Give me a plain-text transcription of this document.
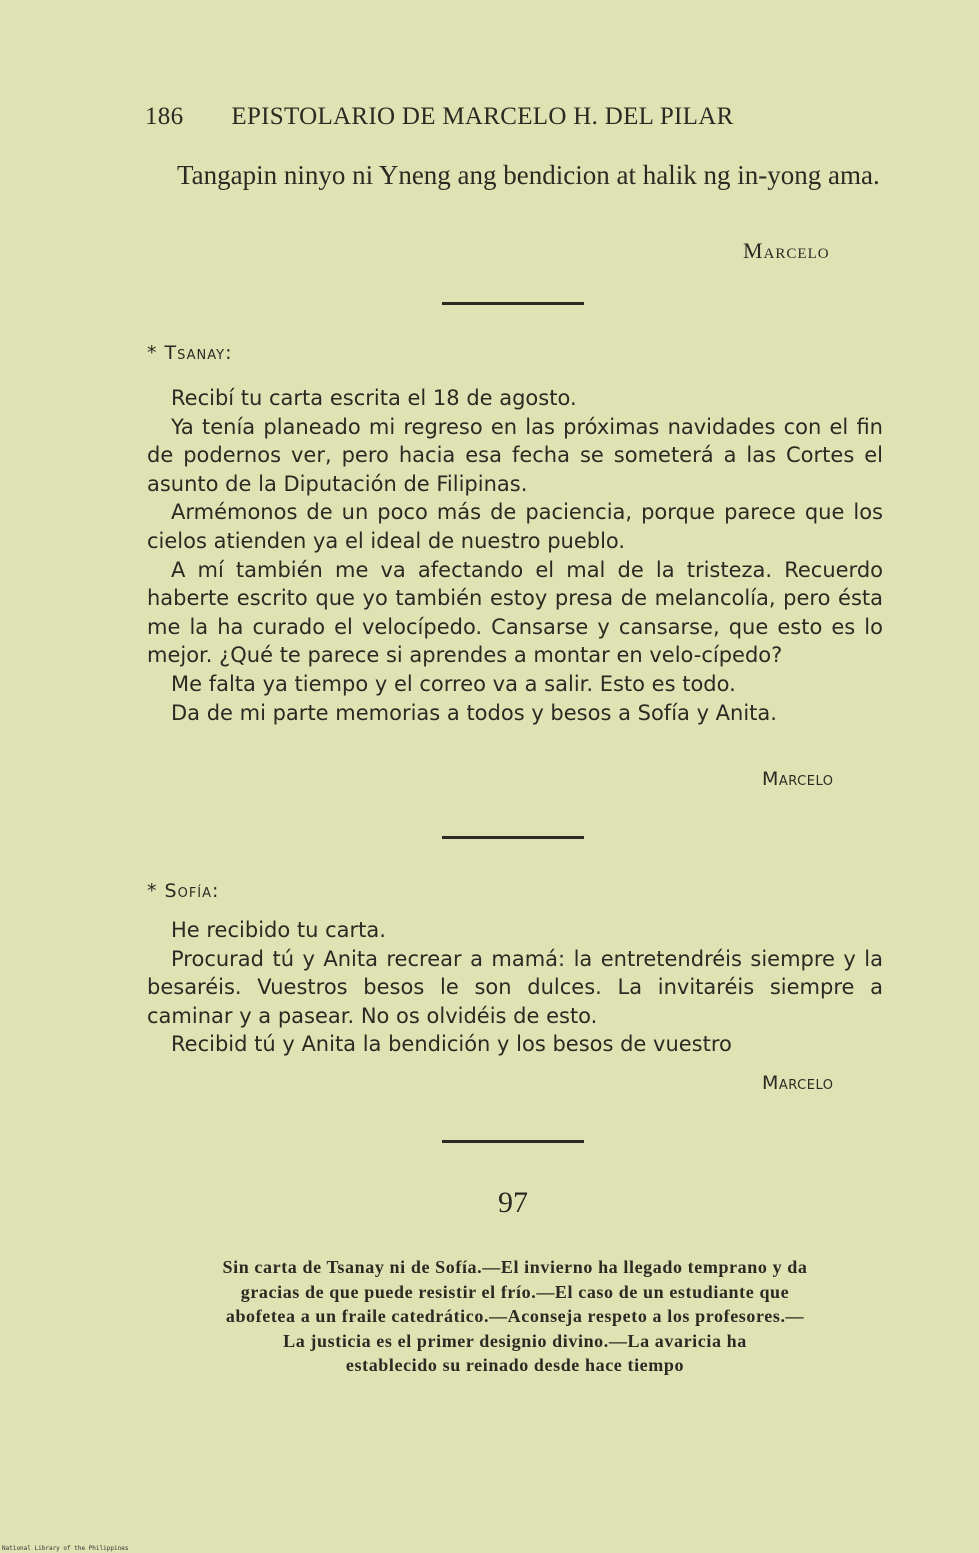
186 EPISTOLARIO DE MARCELO H. DEL PILAR

Tangapin ninyo ni Yneng ang bendicion at halik ng in-yong ama.

Marcelo
* Tsanay:

Recibí tu carta escrita el 18 de agosto.

Ya tenía planeado mi regreso en las próximas navidades con el fin de podernos ver, pero hacia esa fecha se someterá a las Cortes el asunto de la Diputación de Filipinas.

Armémonos de un poco más de paciencia, porque parece que los cielos atienden ya el ideal de nuestro pueblo.

A mí también me va afectando el mal de la tristeza. Recuerdo haberte escrito que yo también estoy presa de melancolía, pero ésta me la ha curado el velocípedo. Cansarse y cansarse, que esto es lo mejor. ¿Qué te parece si aprendes a montar en velo-cípedo?

Me falta ya tiempo y el correo va a salir. Esto es todo.

Da de mi parte memorias a todos y besos a Sofía y Anita.

Marcelo
* Sofía:

He recibido tu carta.

Procurad tú y Anita recrear a mamá: la entretendréis siempre y la besaréis. Vuestros besos le son dulces. La invitaréis siempre a caminar y a pasear. No os olvidéis de esto.

Recibid tú y Anita la bendición y los besos de vuestro

Marcelo
97
Sin carta de Tsanay ni de Sofía.—El invierno ha llegado temprano y da
gracias de que puede resistir el frío.—El caso de un estudiante que
abofetea a un fraile catedrático.—Aconseja respeto a los profesores.—
La justicia es el primer designio divino.—La avaricia ha
establecido su reinado desde hace tiempo
National Library of the Philippines
